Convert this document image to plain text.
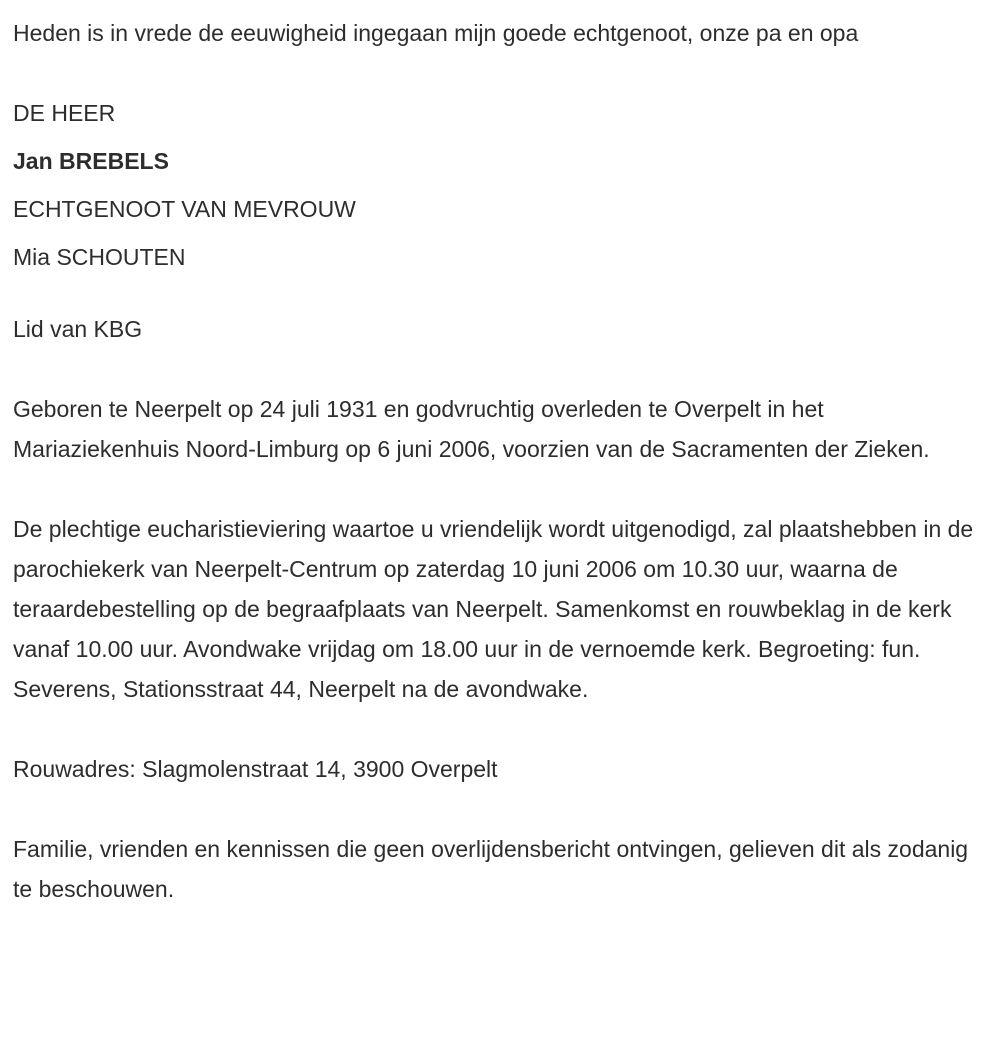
Heden is in vrede de eeuwigheid ingegaan mijn goede echtgenoot, onze pa en opa

DE HEER

Jan BREBELS

ECHTGENOOT VAN MEVROUW

Mia SCHOUTEN

Lid van KBG

Geboren te Neerpelt op 24 juli 1931 en godvruchtig overleden te Overpelt in het Mariaziekenhuis Noord-Limburg op 6 juni 2006, voorzien van de Sacramenten der Zieken.

De plechtige eucharistieviering waartoe u vriendelijk wordt uitgenodigd, zal plaatshebben in de parochiekerk van Neerpelt-Centrum op zaterdag 10 juni 2006 om 10.30 uur, waarna de teraardebestelling op de begraafplaats van Neerpelt. Samenkomst en rouwbeklag in de kerk vanaf 10.00 uur. Avondwake vrijdag om 18.00 uur in de vernoemde kerk. Begroeting: fun. Severens, Stationsstraat 44, Neerpelt na de avondwake.

Rouwadres: Slagmolenstraat 14, 3900 Overpelt

Familie, vrienden en kennissen die geen overlijdensbericht ontvingen, gelieven dit als zodanig te beschouwen.
